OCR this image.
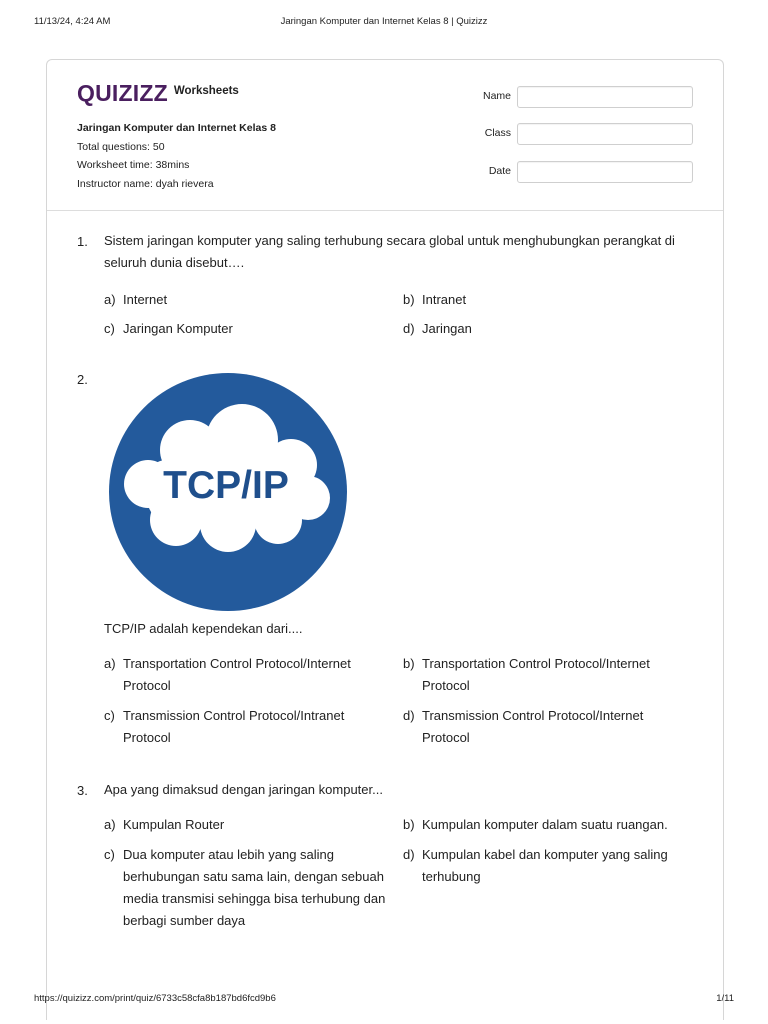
11/13/24, 4:24 AM	Jaringan Komputer dan Internet Kelas 8 | Quizizz
QUIZIZZ Worksheets
Jaringan Komputer dan Internet Kelas 8
Total questions: 50
Worksheet time: 38mins
Instructor name: dyah rievera
Name
Class
Date
1. Sistem jaringan komputer yang saling terhubung secara global untuk menghubungkan perangkat di
seluruh dunia disebut….
a) Internet	b) Intranet
c) Jaringan Komputer	d) Jaringan
2.
TCP/IP
TCP/IP adalah kependekan dari....
a) Transportation Control Protocol/Internet
Protocol
b) Transportation Control Protocol/Internet
Protocol
c) Transmission Control Protocol/Intranet
Protocol
d) Transmission Control Protocol/Internet
Protocol
3. Apa yang dimaksud dengan jaringan komputer...
a) Kumpulan Router	b) Kumpulan komputer dalam suatu ruangan.
c) Dua komputer atau lebih yang saling
berhubungan satu sama lain, dengan sebuah
media transmisi sehingga bisa terhubung dan
berbagi sumber daya
d) Kumpulan kabel dan komputer yang saling
terhubung
https://quizizz.com/print/quiz/6733c58cfa8b187bd6fcd9b6	1/11
